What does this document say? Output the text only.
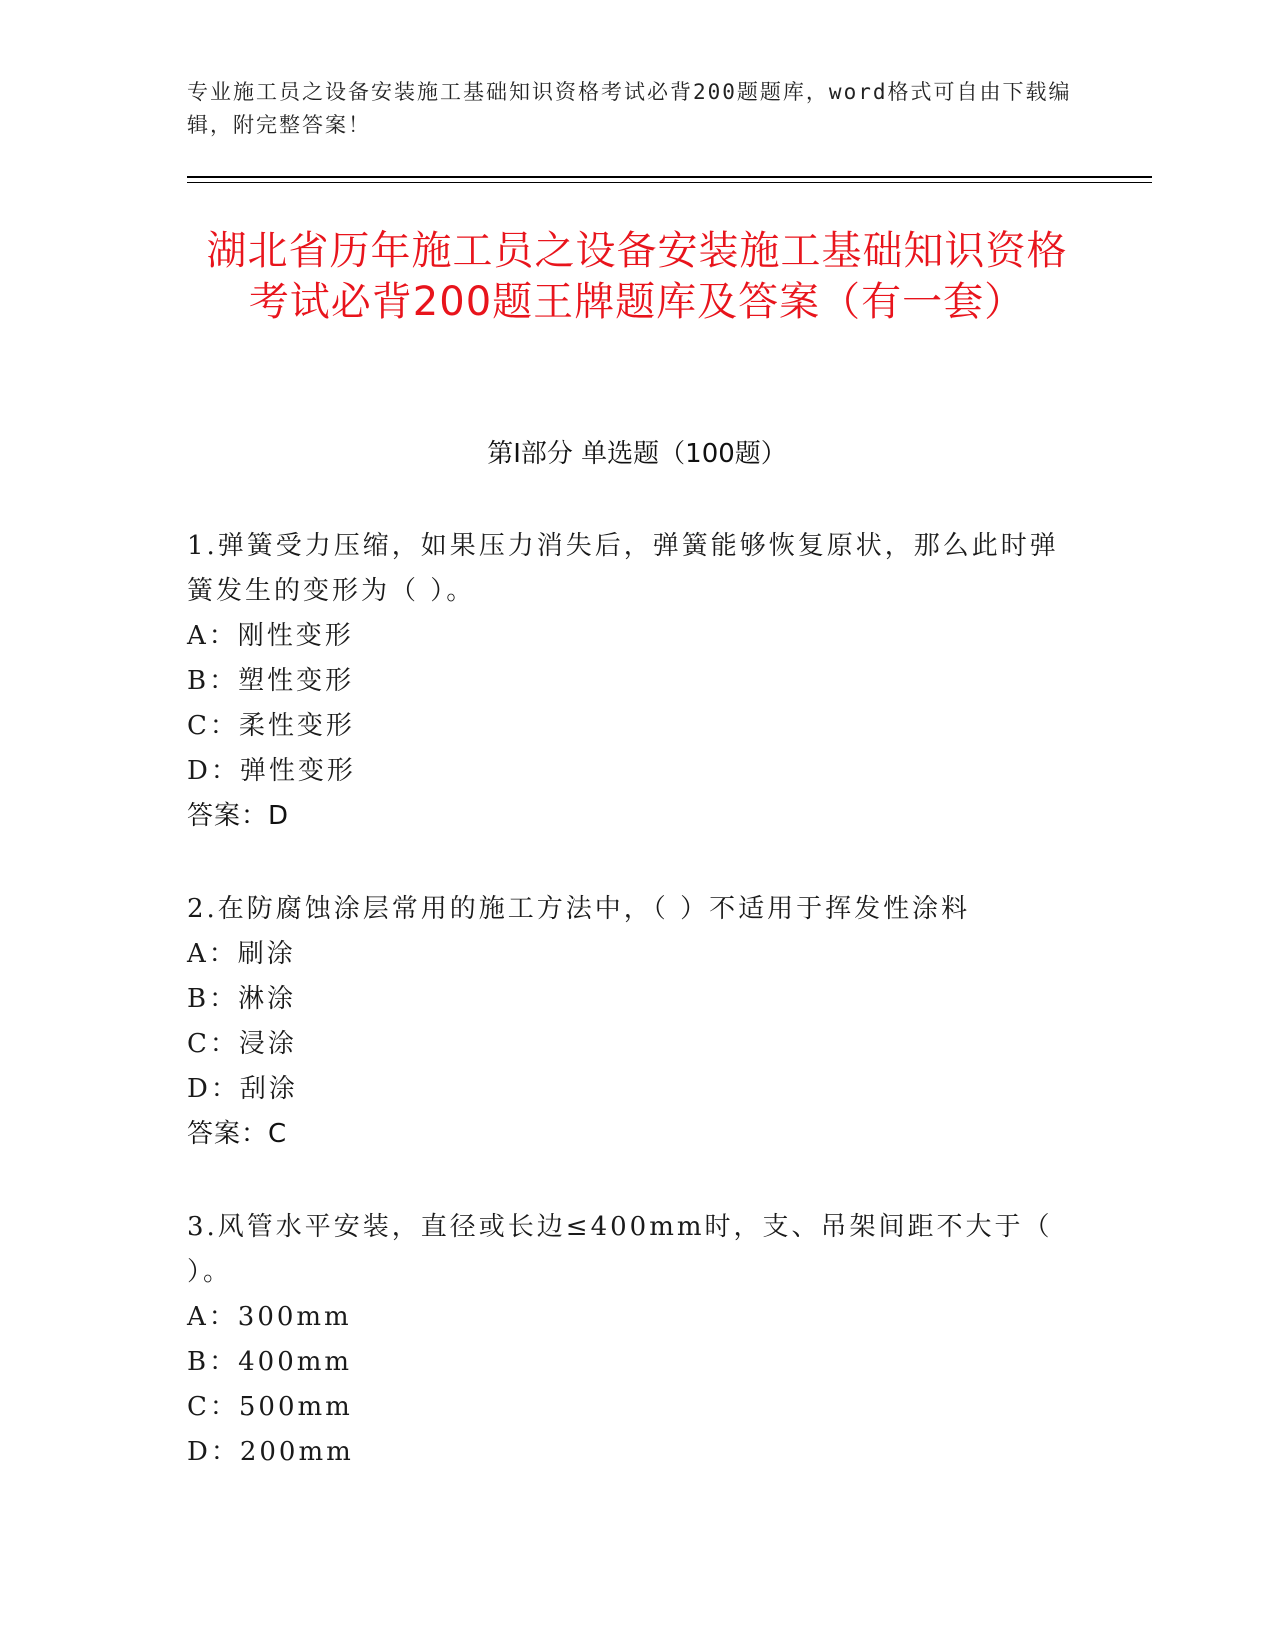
专业施工员之设备安装施工基础知识资格考试必背200题题库，word格式可自由下载编辑，附完整答案！
湖北省历年施工员之设备安装施工基础知识资格考试必背200题王牌题库及答案（有一套）
第I部分 单选题（100题）
1.弹簧受力压缩，如果压力消失后，弹簧能够恢复原状，那么此时弹簧发生的变形为（ ）。
A：刚性变形
B：塑性变形
C：柔性变形
D：弹性变形
答案：D
2.在防腐蚀涂层常用的施工方法中，（ ）不适用于挥发性涂料
A：刷涂
B：淋涂
C：浸涂
D：刮涂
答案：C
3.风管水平安装，直径或长边≤400mm时，支、吊架间距不大于（ ）。
A：300mm
B：400mm
C：500mm
D：200mm
